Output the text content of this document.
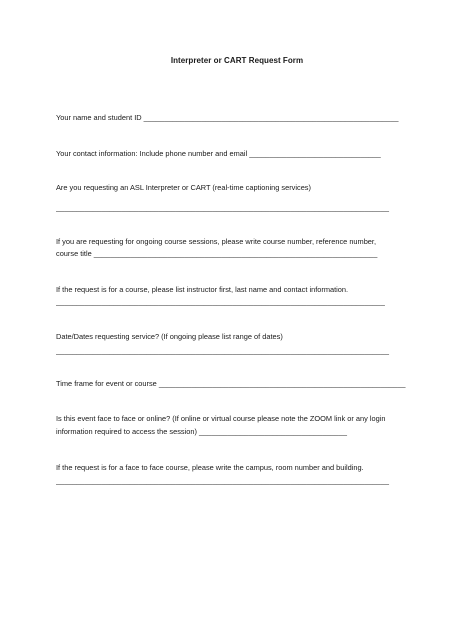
Interpreter or CART Request Form
Your name and student ID ______________________________________________________________
Your contact information: Include phone number and email ________________________________
Are you requesting an ASL Interpreter or CART (real-time captioning services)
_________________________________________________________________________________
If you are requesting for ongoing course sessions, please write course number, reference number,
course title _____________________________________________________________________
If the request is for a course, please list instructor first, last name and contact information.
________________________________________________________________________________
Date/Dates requesting service? (If ongoing please list range of dates)
_________________________________________________________________________________
Time frame for event or course ____________________________________________________________
Is this event face to face or online? (If online or virtual course please note the ZOOM link or any login
information required to access the session) ____________________________________
If the request is for a face to face course, please write the campus, room number and building.
_________________________________________________________________________________
